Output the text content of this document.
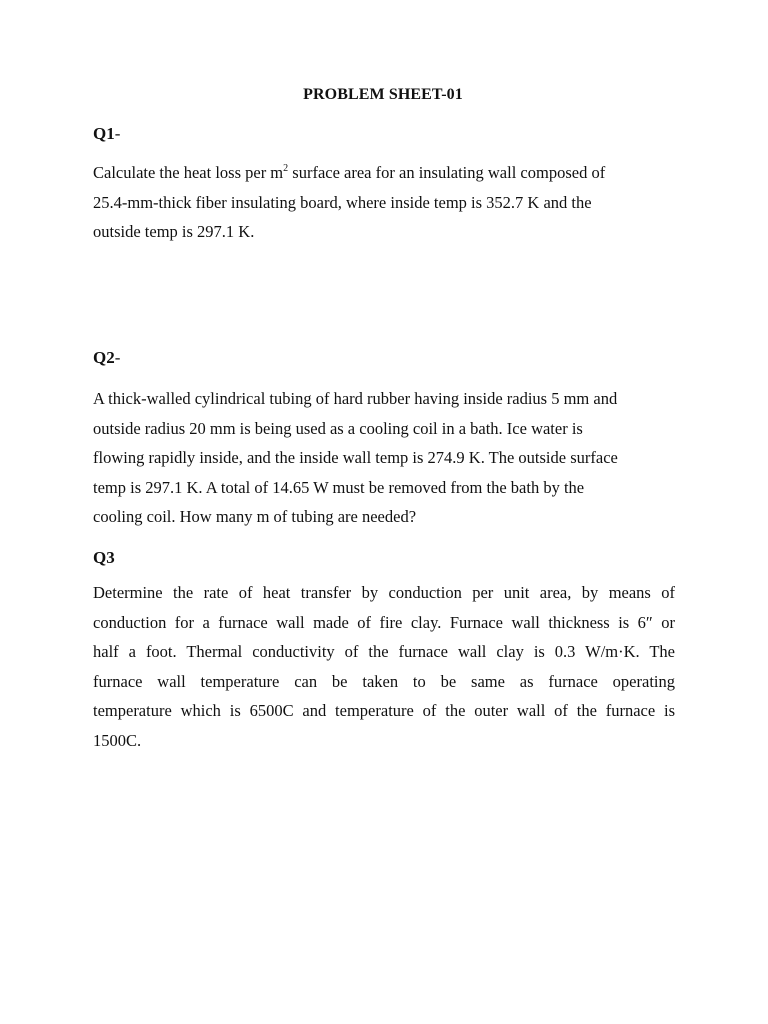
PROBLEM SHEET-01
Q1-

Calculate the heat loss per $m^2$ surface area for an insulating wall composed of
25.4-mm-thick fiber insulating board, where inside temp is 352.7 K and the
outside temp is 297.1 K.

Q2-

A thick-walled cylindrical tubing of hard rubber having inside radius 5 mm and
outside radius 20 mm is being used as a cooling coil in a bath. Ice water is
flowing rapidly inside, and the inside wall temp is 274.9 K. The outside surface
temp is 297.1 K. A total of 14.65 W must be removed from the bath by the
cooling coil. How many m of tubing are needed?

Q3

Determine the rate of heat transfer by conduction per unit area, by means of
conduction for a furnace wall made of fire clay. Furnace wall thickness is 6″ or
half a foot. Thermal conductivity of the furnace wall clay is 0.3 W/m·K. The
furnace wall temperature can be taken to be same as furnace operating
temperature which is 6500C and temperature of the outer wall of the furnace is
1500C.
